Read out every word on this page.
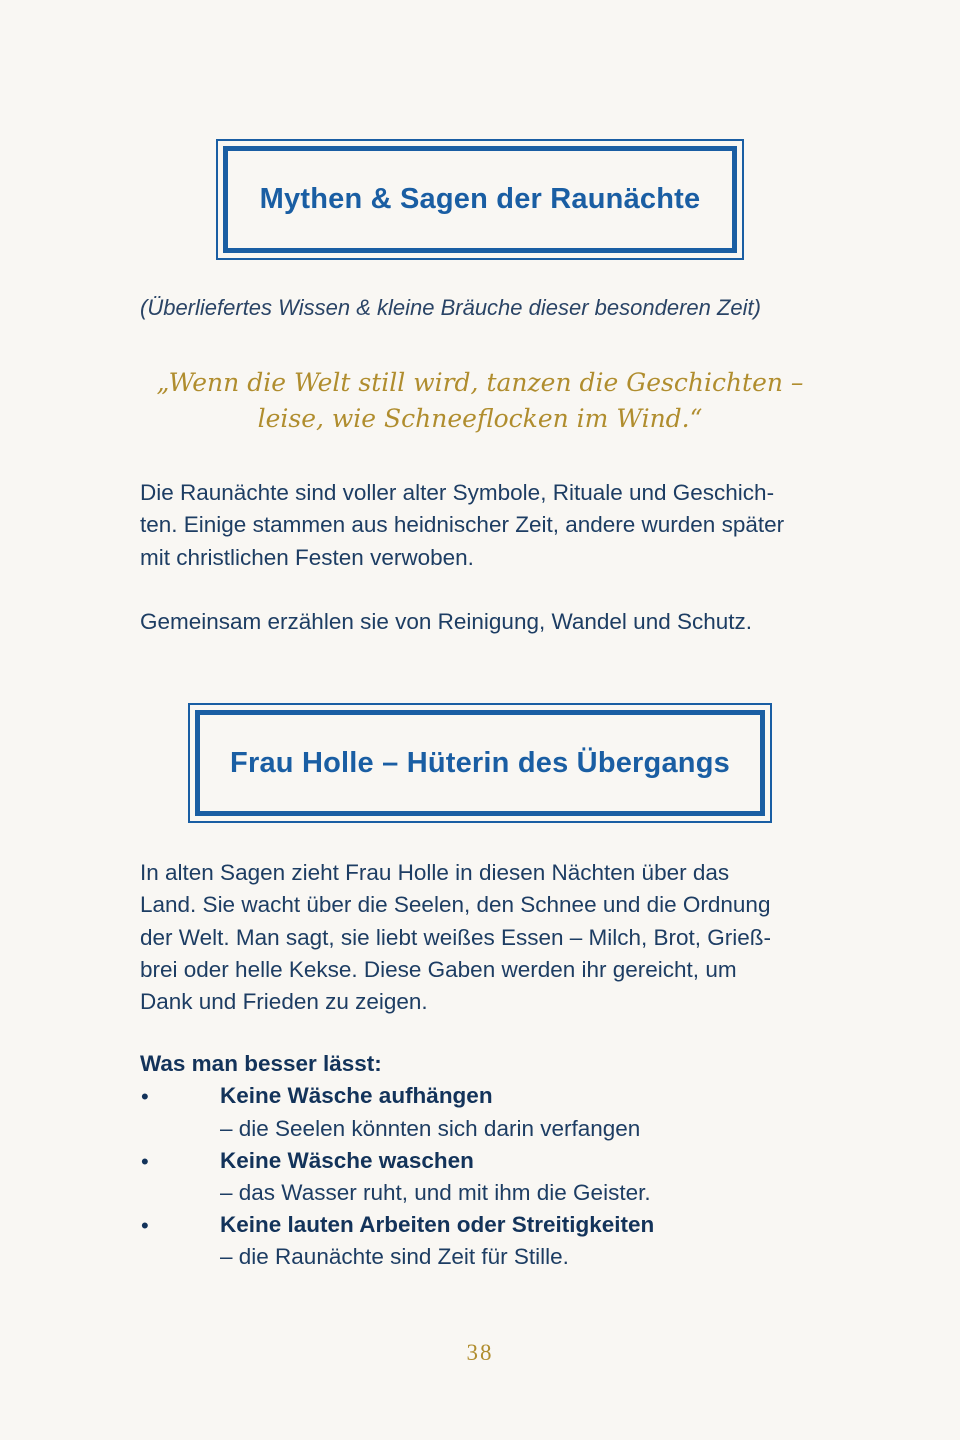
Mythen & Sagen der Raunächte
(Überliefertes Wissen & kleine Bräuche dieser besonderen Zeit)
„Wenn die Welt still wird, tanzen die Geschichten –
leise, wie Schneeflocken im Wind.“
Die Raunächte sind voller alter Symbole, Rituale und Geschich-
ten. Einige stammen aus heidnischer Zeit, andere wurden später
mit christlichen Festen verwoben.
Gemeinsam erzählen sie von Reinigung, Wandel und Schutz.
Frau Holle – Hüterin des Übergangs
In alten Sagen zieht Frau Holle in diesen Nächten über das
Land. Sie wacht über die Seelen, den Schnee und die Ordnung
der Welt. Man sagt, sie liebt weißes Essen – Milch, Brot, Grieß-
brei oder helle Kekse. Diese Gaben werden ihr gereicht, um
Dank und Frieden zu zeigen.
Was man besser lässt:
•	Keine Wäsche aufhängen
– die Seelen könnten sich darin verfangen
•	Keine Wäsche waschen
– das Wasser ruht, und mit ihm die Geister.
•	Keine lauten Arbeiten oder Streitigkeiten
– die Raunächte sind Zeit für Stille.
38
